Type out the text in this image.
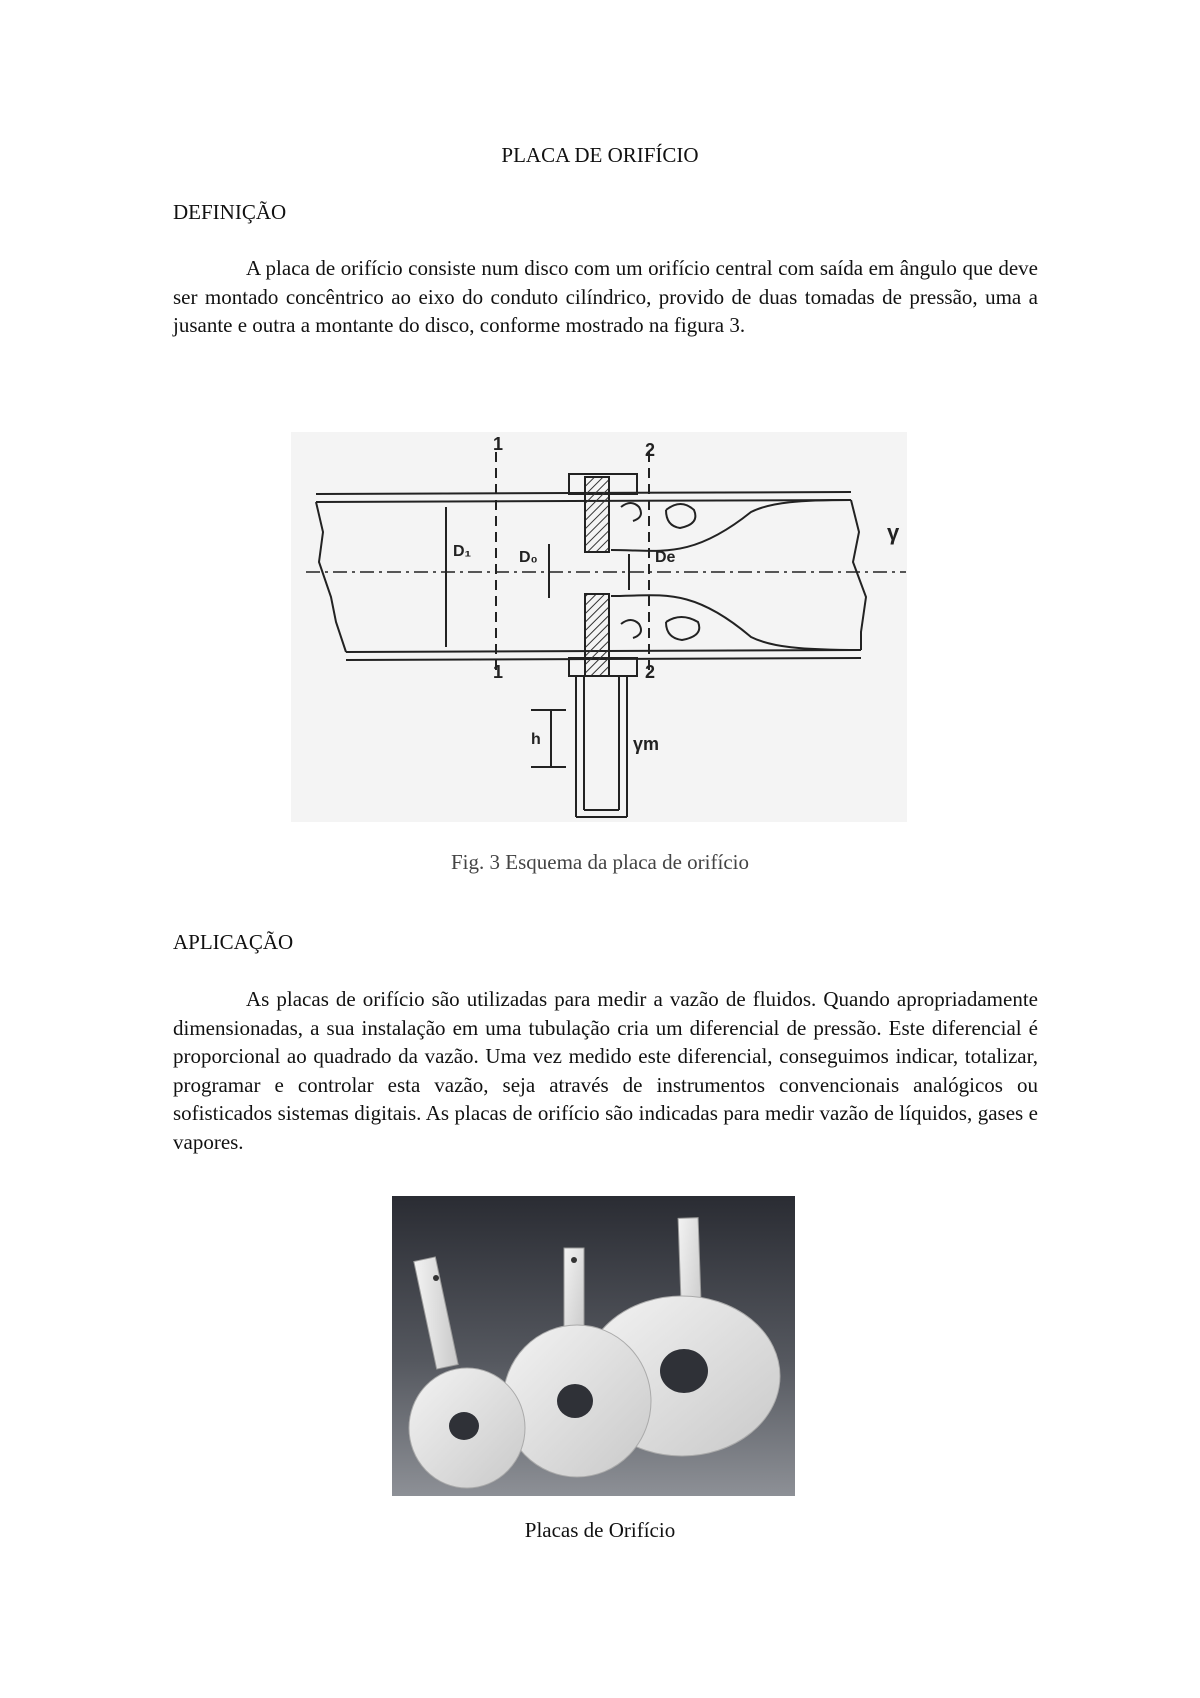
PLACA DE ORIFÍCIO
DEFINIÇÃO

A placa de orifício consiste num disco com um orifício central com saída em ângulo que deve ser montado concêntrico ao eixo do conduto cilíndrico, provido de duas tomadas de pressão, uma a jusante e outra a montante do disco, conforme mostrado na figura 3.

1	2
1	2
D₁	D₀	De
γ
h	γm
Fig. 3 Esquema da placa de orifício
APLICAÇÃO

As placas de orifício são utilizadas para medir a vazão de fluidos. Quando apropriadamente dimensionadas, a sua instalação em uma tubulação cria um diferencial de pressão. Este diferencial é proporcional ao quadrado da vazão. Uma vez medido este diferencial, conseguimos indicar, totalizar, programar e controlar esta vazão, seja através de instrumentos convencionais analógicos ou sofisticados sistemas digitais. As placas de orifício são indicadas para medir vazão de líquidos, gases e vapores.

Placas de Orifício
